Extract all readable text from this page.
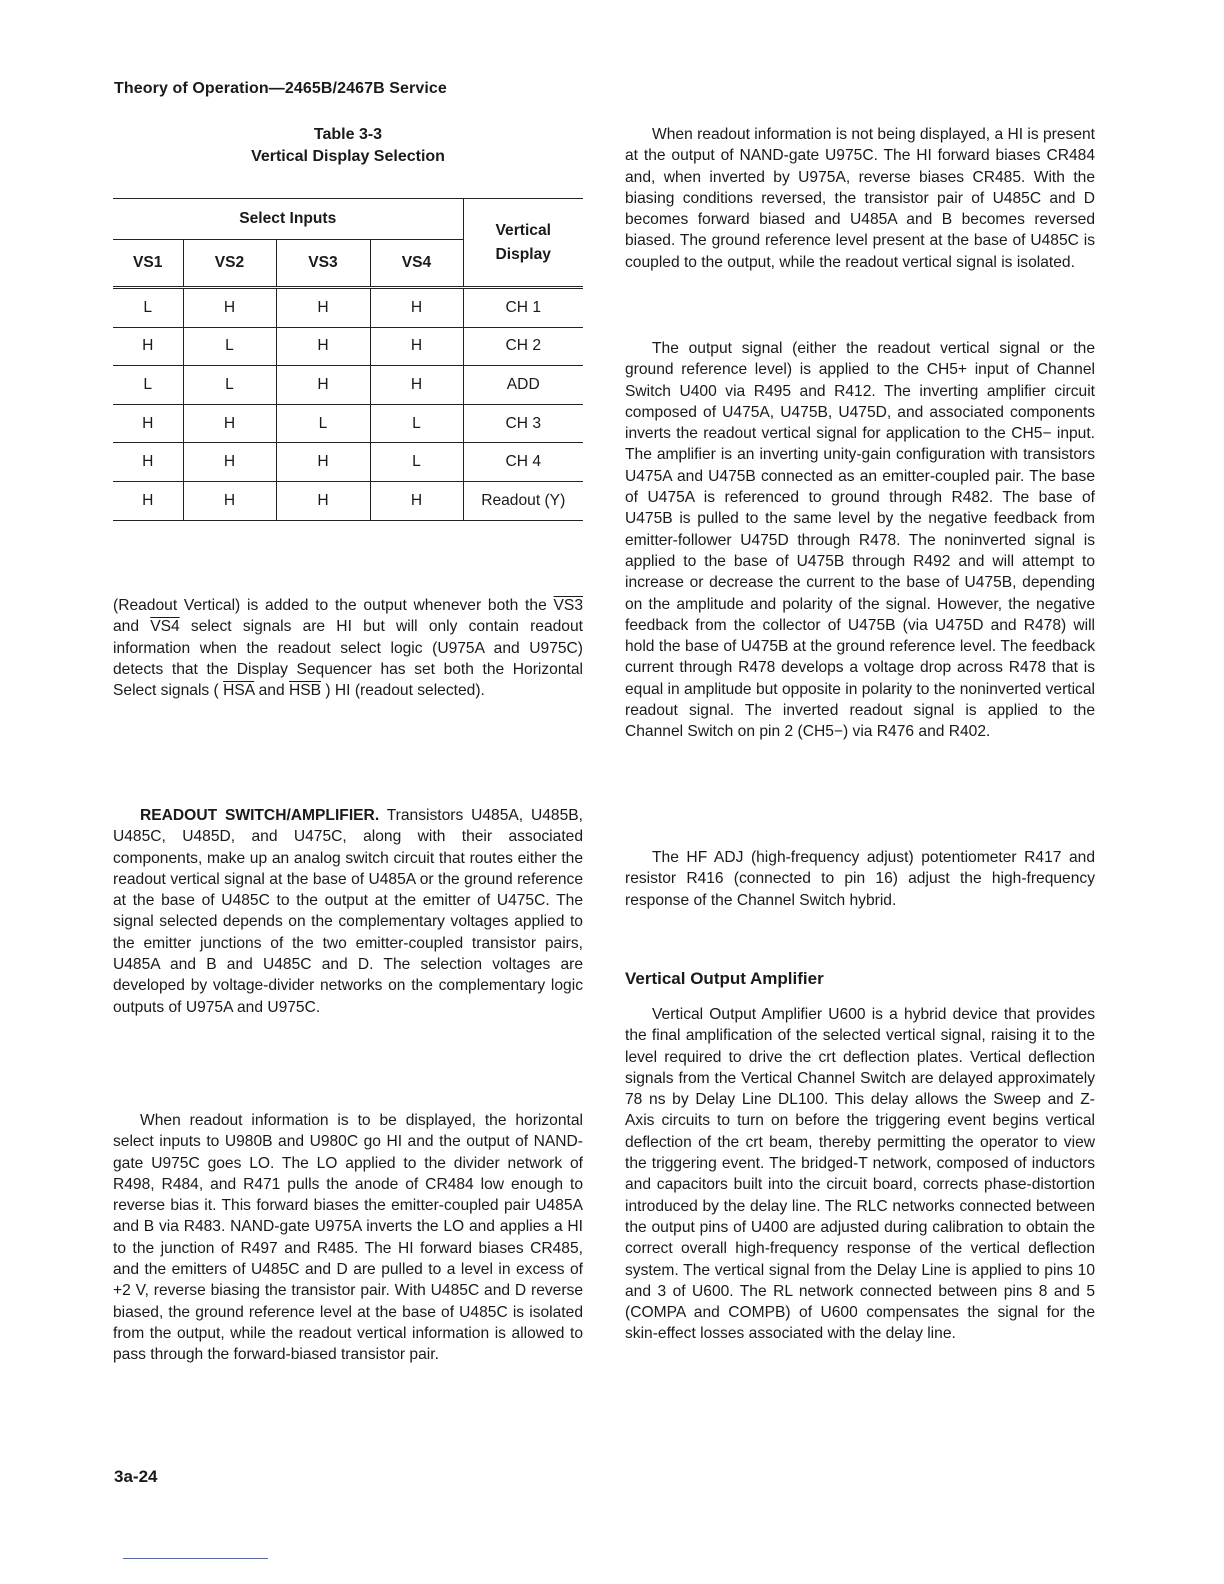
Theory of Operation—2465B/2467B Service
Table 3-3
Vertical Display Selection
Select Inputs				Vertical
Display
VS1	VS2	VS3	VS4	
L	H	H	H	CH 1
H	L	H	H	CH 2
L	L	H	H	ADD
H	H	L	L	CH 3
H	H	H	L	CH 4
H	H	H	H	Readout (Y)

(Readout Vertical) is added to the output whenever both the VS3 and VS4 select signals are HI but will only contain readout information when the readout select logic (U975A and U975C) detects that the Display Sequencer has set both the Horizontal Select signals ( $\overline{HSA}$ and $\overline{HSB}$ ) HI (readout selected).

READOUT SWITCH/AMPLIFIER. Transistors U485A, U485B, U485C, U485D, and U475C, along with their associated components, make up an analog switch circuit that routes either the readout vertical signal at the base of U485A or the ground reference at the base of U485C to the output at the emitter of U475C. The signal selected depends on the complementary voltages applied to the emitter junctions of the two emitter-coupled transistor pairs, U485A and B and U485C and D. The selection voltages are developed by voltage-divider networks on the complementary logic outputs of U975A and U975C.

When readout information is to be displayed, the horizontal select inputs to U980B and U980C go HI and the output of NAND-gate U975C goes LO. The LO applied to the divider network of R498, R484, and R471 pulls the anode of CR484 low enough to reverse bias it. This forward biases the emitter-coupled pair U485A and B via R483. NAND-gate U975A inverts the LO and applies a HI to the junction of R497 and R485. The HI forward biases CR485, and the emitters of U485C and D are pulled to a level in excess of +2 V, reverse biasing the transistor pair. With U485C and D reverse biased, the ground reference level at the base of U485C is isolated from the output, while the readout vertical information is allowed to pass through the forward-biased transistor pair.

When readout information is not being displayed, a HI is present at the output of NAND-gate U975C. The HI forward biases CR484 and, when inverted by U975A, reverse biases CR485. With the biasing conditions reversed, the transistor pair of U485C and D becomes forward biased and U485A and B becomes reversed biased. The ground reference level present at the base of U485C is coupled to the output, while the readout vertical signal is isolated.

The output signal (either the readout vertical signal or the ground reference level) is applied to the CH5+ input of Channel Switch U400 via R495 and R412. The inverting amplifier circuit composed of U475A, U475B, U475D, and associated components inverts the readout vertical signal for application to the CH5− input. The amplifier is an inverting unity-gain configuration with transistors U475A and U475B connected as an emitter-coupled pair. The base of U475A is referenced to ground through R482. The base of U475B is pulled to the same level by the negative feedback from emitter-follower U475D through R478. The noninverted signal is applied to the base of U475B through R492 and will attempt to increase or decrease the current to the base of U475B, depending on the amplitude and polarity of the signal. However, the negative feedback from the collector of U475B (via U475D and R478) will hold the base of U475B at the ground reference level. The feedback current through R478 develops a voltage drop across R478 that is equal in amplitude but opposite in polarity to the noninverted vertical readout signal. The inverted readout signal is applied to the Channel Switch on pin 2 (CH5−) via R476 and R402.

The HF ADJ (high-frequency adjust) potentiometer R417 and resistor R416 (connected to pin 16) adjust the high-frequency response of the Channel Switch hybrid.

Vertical Output Amplifier

Vertical Output Amplifier U600 is a hybrid device that provides the final amplification of the selected vertical signal, raising it to the level required to drive the crt deflection plates. Vertical deflection signals from the Vertical Channel Switch are delayed approximately 78 ns by Delay Line DL100. This delay allows the Sweep and Z-Axis circuits to turn on before the triggering event begins vertical deflection of the crt beam, thereby permitting the operator to view the triggering event. The bridged-T network, composed of inductors and capacitors built into the circuit board, corrects phase-distortion introduced by the delay line. The RLC networks connected between the output pins of U400 are adjusted during calibration to obtain the correct overall high-frequency response of the vertical deflection system. The vertical signal from the Delay Line is applied to pins 10 and 3 of U600. The RL network connected between pins 8 and 5 (COMPA and COMPB) of U600 compensates the signal for the skin-effect losses associated with the delay line.

3a-24
